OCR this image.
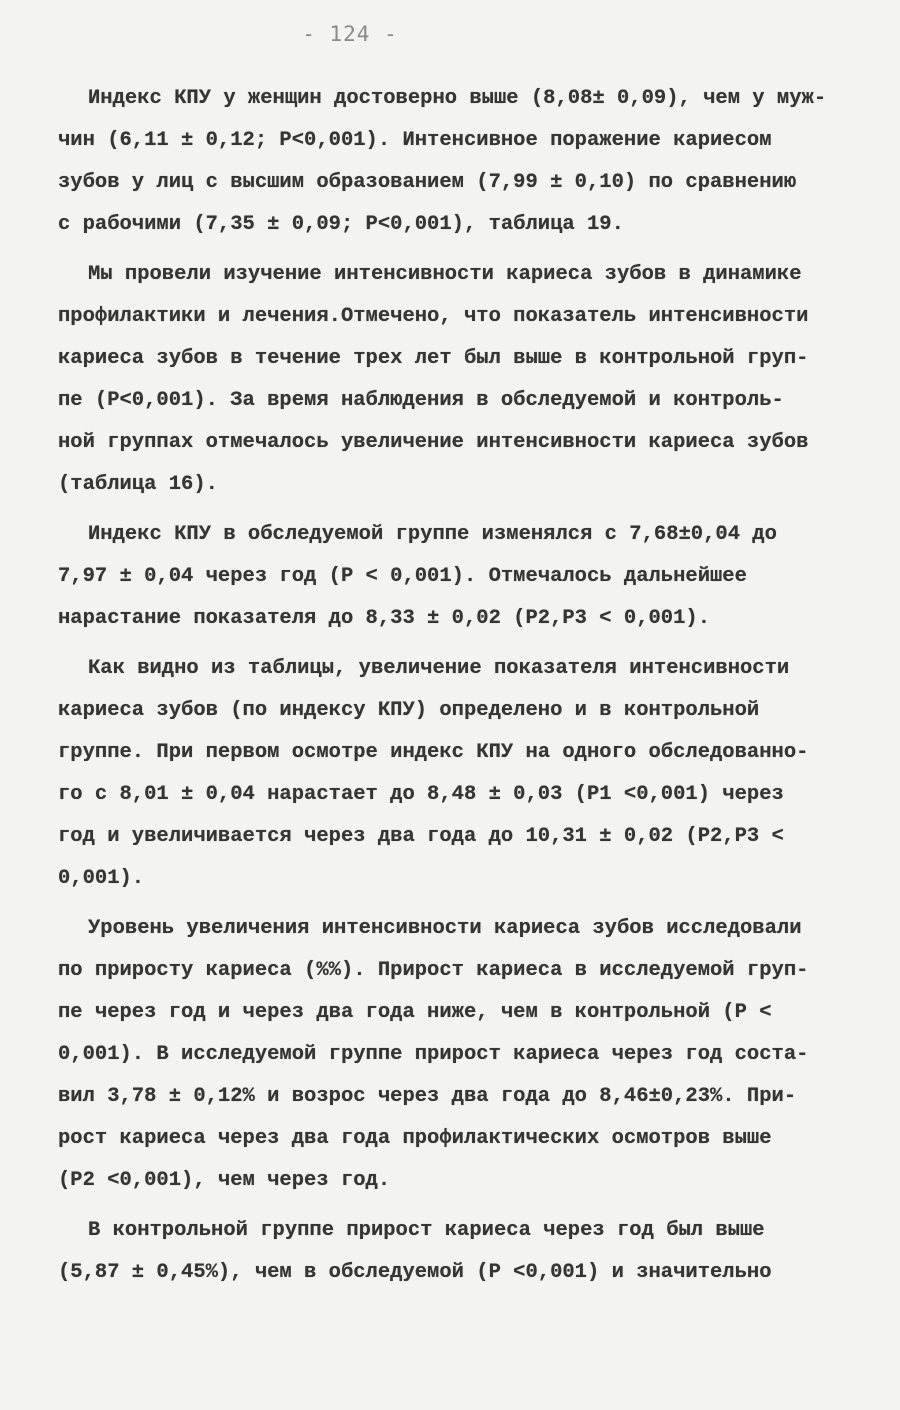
- 124 -
Индекс КПУ у женщин достоверно выше (8,08± 0,09), чем у муж-
чин (6,11 ± 0,12; Р<0,001). Интенсивное поражение кариесом
зубов у лиц с высшим образованием (7,99 ± 0,10) по сравнению
с рабочими (7,35 ± 0,09; Р<0,001), таблица 19.
Мы провели изучение интенсивности кариеса зубов в динамике
профилактики и лечения.Отмечено, что показатель интенсивности
кариеса зубов в течение трех лет был выше в контрольной груп-
пе (Р<0,001). За время наблюдения в обследуемой и контроль-
ной группах отмечалось увеличение интенсивности кариеса зубов
(таблица 16).
Индекс КПУ в обследуемой группе изменялся с 7,68±0,04 до
7,97 ± 0,04 через год (Р < 0,001). Отмечалось дальнейшее
нарастание показателя до 8,33 ± 0,02 (Р2,Р3 < 0,001).
Как видно из таблицы, увеличение показателя интенсивности
кариеса зубов (по индексу КПУ) определено и в контрольной
группе. При первом осмотре индекс КПУ на одного обследованно-
го с 8,01 ± 0,04 нарастает до 8,48 ± 0,03 (Р1 <0,001) через
год и увеличивается через два года до 10,31 ± 0,02 (Р2,Р3 <
0,001).
Уровень увеличения интенсивности кариеса зубов исследовали
по приросту кариеса (%%). Прирост кариеса в исследуемой груп-
пе через год и через два года ниже, чем в контрольной (Р <
0,001). В исследуемой группе прирост кариеса через год соста-
вил 3,78 ± 0,12% и возрос через два года до 8,46±0,23%. При-
рост кариеса через два года профилактических осмотров выше
(Р2 <0,001), чем через год.
В контрольной группе прирост кариеса через год был выше
(5,87 ± 0,45%), чем в обследуемой (Р <0,001) и значительно
